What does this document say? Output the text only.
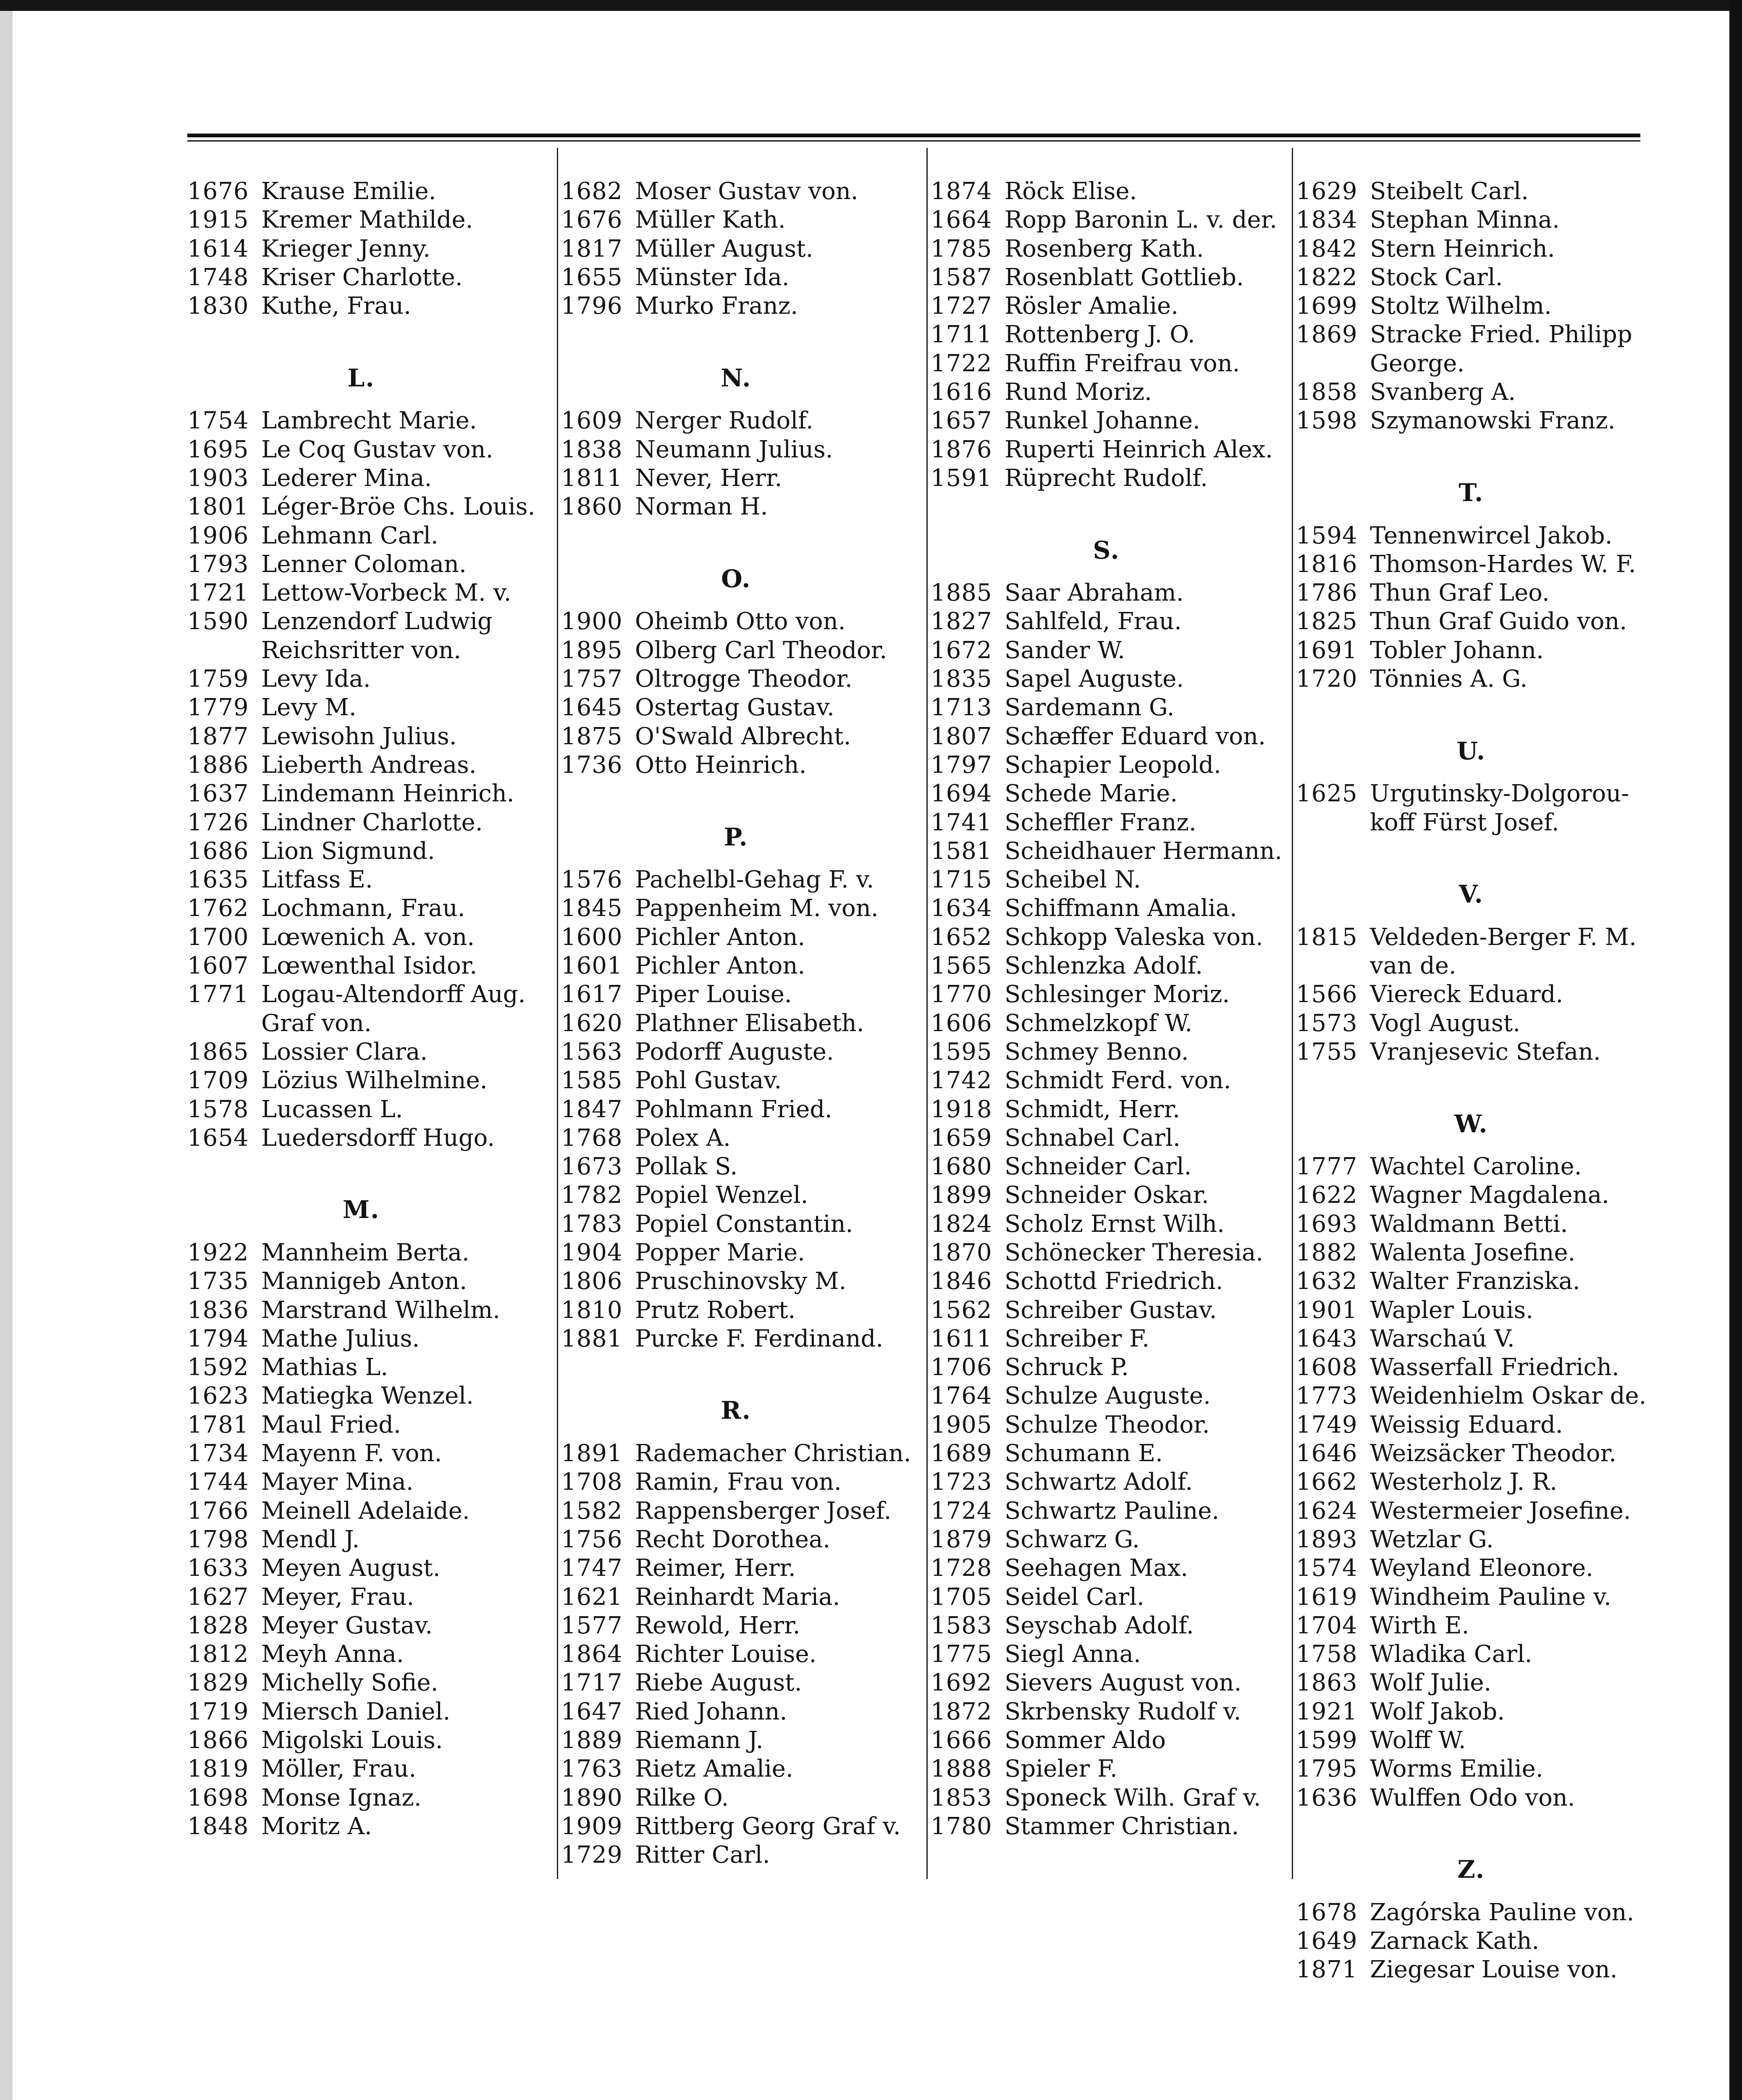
1676 Krause Emilie.
1915 Kremer Mathilde.
1614 Krieger Jenny.
1748 Kriser Charlotte.
1830 Kuthe, Frau.
L.
1754 Lambrecht Marie.
1695 Le Coq Gustav von.
1903 Lederer Mina.
1801 Léger-Bröe Chs. Louis.
1906 Lehmann Carl.
1793 Lenner Coloman.
1721 Lettow-Vorbeck M. v.
1590 Lenzendorf Ludwig
Reichsritter von.
1759 Levy Ida.
1779 Levy M.
1877 Lewisohn Julius.
1886 Lieberth Andreas.
1637 Lindemann Heinrich.
1726 Lindner Charlotte.
1686 Lion Sigmund.
1635 Litfass E.
1762 Lochmann, Frau.
1700 Lœwenich A. von.
1607 Lœwenthal Isidor.
1771 Logau-Altendorff Aug.
Graf von.
1865 Lossier Clara.
1709 Lözius Wilhelmine.
1578 Lucassen L.
1654 Luedersdorff Hugo.
M.
1922 Mannheim Berta.
1735 Mannigeb Anton.
1836 Marstrand Wilhelm.
1794 Mathe Julius.
1592 Mathias L.
1623 Matiegka Wenzel.
1781 Maul Fried.
1734 Mayenn F. von.
1744 Mayer Mina.
1766 Meinell Adelaide.
1798 Mendl J.
1633 Meyen August.
1627 Meyer, Frau.
1828 Meyer Gustav.
1812 Meyh Anna.
1829 Michelly Sofie.
1719 Miersch Daniel.
1866 Migolski Louis.
1819 Möller, Frau.
1698 Monse Ignaz.
1848 Moritz A.
1682 Moser Gustav von.
1676 Müller Kath.
1817 Müller August.
1655 Münster Ida.
1796 Murko Franz.
N.
1609 Nerger Rudolf.
1838 Neumann Julius.
1811 Never, Herr.
1860 Norman H.
O.
1900 Oheimb Otto von.
1895 Olberg Carl Theodor.
1757 Oltrogge Theodor.
1645 Ostertag Gustav.
1875 O'Swald Albrecht.
1736 Otto Heinrich.
P.
1576 Pachelbl-Gehag F. v.
1845 Pappenheim M. von.
1600 Pichler Anton.
1601 Pichler Anton.
1617 Piper Louise.
1620 Plathner Elisabeth.
1563 Podorff Auguste.
1585 Pohl Gustav.
1847 Pohlmann Fried.
1768 Polex A.
1673 Pollak S.
1782 Popiel Wenzel.
1783 Popiel Constantin.
1904 Popper Marie.
1806 Pruschinovsky M.
1810 Prutz Robert.
1881 Purcke F. Ferdinand.
R.
1891 Rademacher Christian.
1708 Ramin, Frau von.
1582 Rappensberger Josef.
1756 Recht Dorothea.
1747 Reimer, Herr.
1621 Reinhardt Maria.
1577 Rewold, Herr.
1864 Richter Louise.
1717 Riebe August.
1647 Ried Johann.
1889 Riemann J.
1763 Rietz Amalie.
1890 Rilke O.
1909 Rittberg Georg Graf v.
1729 Ritter Carl.
1874 Röck Elise.
1664 Ropp Baronin L. v. der.
1785 Rosenberg Kath.
1587 Rosenblatt Gottlieb.
1727 Rösler Amalie.
1711 Rottenberg J. O.
1722 Ruffin Freifrau von.
1616 Rund Moriz.
1657 Runkel Johanne.
1876 Ruperti Heinrich Alex.
1591 Rüprecht Rudolf.
S.
1885 Saar Abraham.
1827 Sahlfeld, Frau.
1672 Sander W.
1835 Sapel Auguste.
1713 Sardemann G.
1807 Schæffer Eduard von.
1797 Schapier Leopold.
1694 Schede Marie.
1741 Scheffler Franz.
1581 Scheidhauer Hermann.
1715 Scheibel N.
1634 Schiffmann Amalia.
1652 Schkopp Valeska von.
1565 Schlenzka Adolf.
1770 Schlesinger Moriz.
1606 Schmelzkopf W.
1595 Schmey Benno.
1742 Schmidt Ferd. von.
1918 Schmidt, Herr.
1659 Schnabel Carl.
1680 Schneider Carl.
1899 Schneider Oskar.
1824 Scholz Ernst Wilh.
1870 Schönecker Theresia.
1846 Schottd Friedrich.
1562 Schreiber Gustav.
1611 Schreiber F.
1706 Schruck P.
1764 Schulze Auguste.
1905 Schulze Theodor.
1689 Schumann E.
1723 Schwartz Adolf.
1724 Schwartz Pauline.
1879 Schwarz G.
1728 Seehagen Max.
1705 Seidel Carl.
1583 Seyschab Adolf.
1775 Siegl Anna.
1692 Sievers August von.
1872 Skrbensky Rudolf v.
1666 Sommer Aldo
1888 Spieler F.
1853 Sponeck Wilh. Graf v.
1780 Stammer Christian.
1629 Steibelt Carl.
1834 Stephan Minna.
1842 Stern Heinrich.
1822 Stock Carl.
1699 Stoltz Wilhelm.
1869 Stracke Fried. Philipp
George.
1858 Svanberg A.
1598 Szymanowski Franz.
T.
1594 Tennenwircel Jakob.
1816 Thomson-Hardes W. F.
1786 Thun Graf Leo.
1825 Thun Graf Guido von.
1691 Tobler Johann.
1720 Tönnies A. G.
U.
1625 Urgutinsky-Dolgorou-
koff Fürst Josef.
V.
1815 Veldeden-Berger F. M.
van de.
1566 Viereck Eduard.
1573 Vogl August.
1755 Vranjesevic Stefan.
W.
1777 Wachtel Caroline.
1622 Wagner Magdalena.
1693 Waldmann Betti.
1882 Walenta Josefine.
1632 Walter Franziska.
1901 Wapler Louis.
1643 Warschaú V.
1608 Wasserfall Friedrich.
1773 Weidenhielm Oskar de.
1749 Weissig Eduard.
1646 Weizsäcker Theodor.
1662 Westerholz J. R.
1624 Westermeier Josefine.
1893 Wetzlar G.
1574 Weyland Eleonore.
1619 Windheim Pauline v.
1704 Wirth E.
1758 Wladika Carl.
1863 Wolf Julie.
1921 Wolf Jakob.
1599 Wolff W.
1795 Worms Emilie.
1636 Wulffen Odo von.
Z.
1678 Zagórska Pauline von.
1649 Zarnack Kath.
1871 Ziegesar Louise von.
